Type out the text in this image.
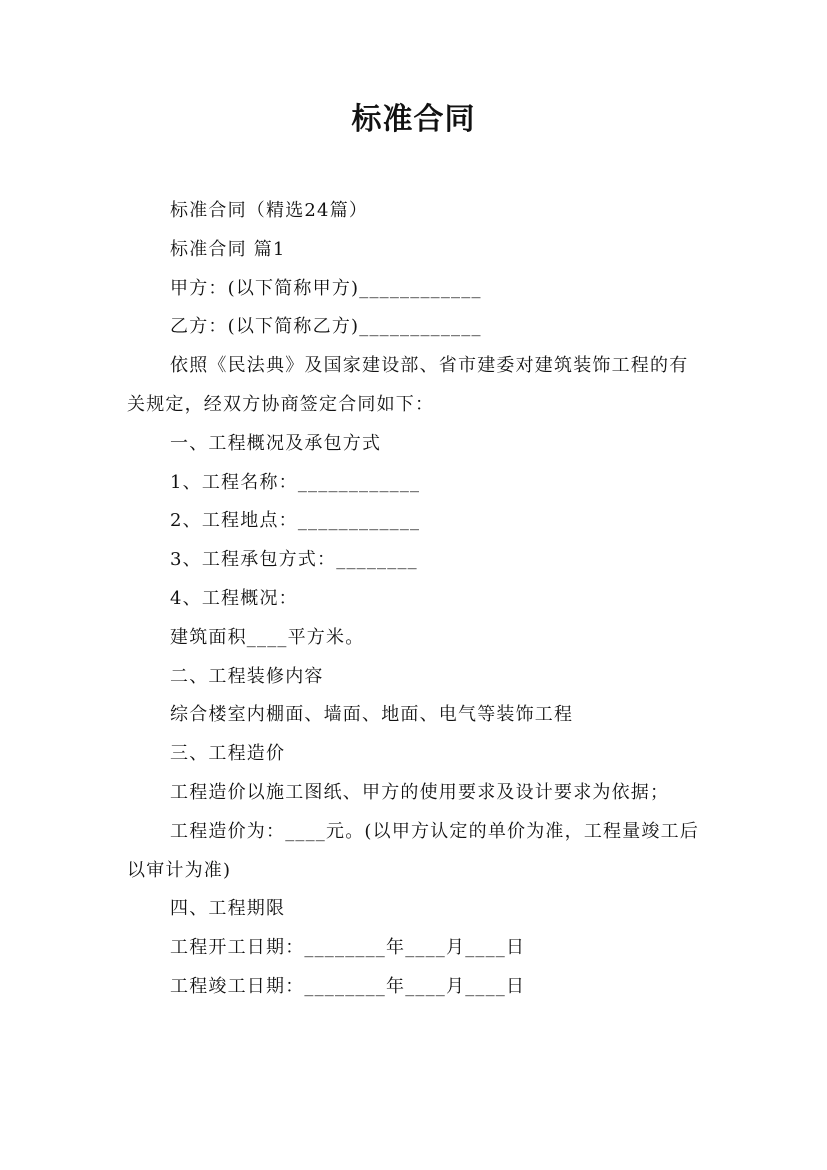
标准合同

标准合同（精选24篇）

标准合同 篇1

甲方：(以下简称甲方)____________

乙方：(以下简称乙方)____________

依照《民法典》及国家建设部、省市建委对建筑装饰工程的有关规定，经双方协商签定合同如下：

一、工程概况及承包方式

1、工程名称：____________

2、工程地点：____________

3、工程承包方式：________

4、工程概况：

建筑面积____平方米。

二、工程装修内容

综合楼室内棚面、墙面、地面、电气等装饰工程

三、工程造价

工程造价以施工图纸、甲方的使用要求及设计要求为依据；

工程造价为：____元。(以甲方认定的单价为准，工程量竣工后以审计为准)

四、工程期限

工程开工日期：________年____月____日

工程竣工日期：________年____月____日
